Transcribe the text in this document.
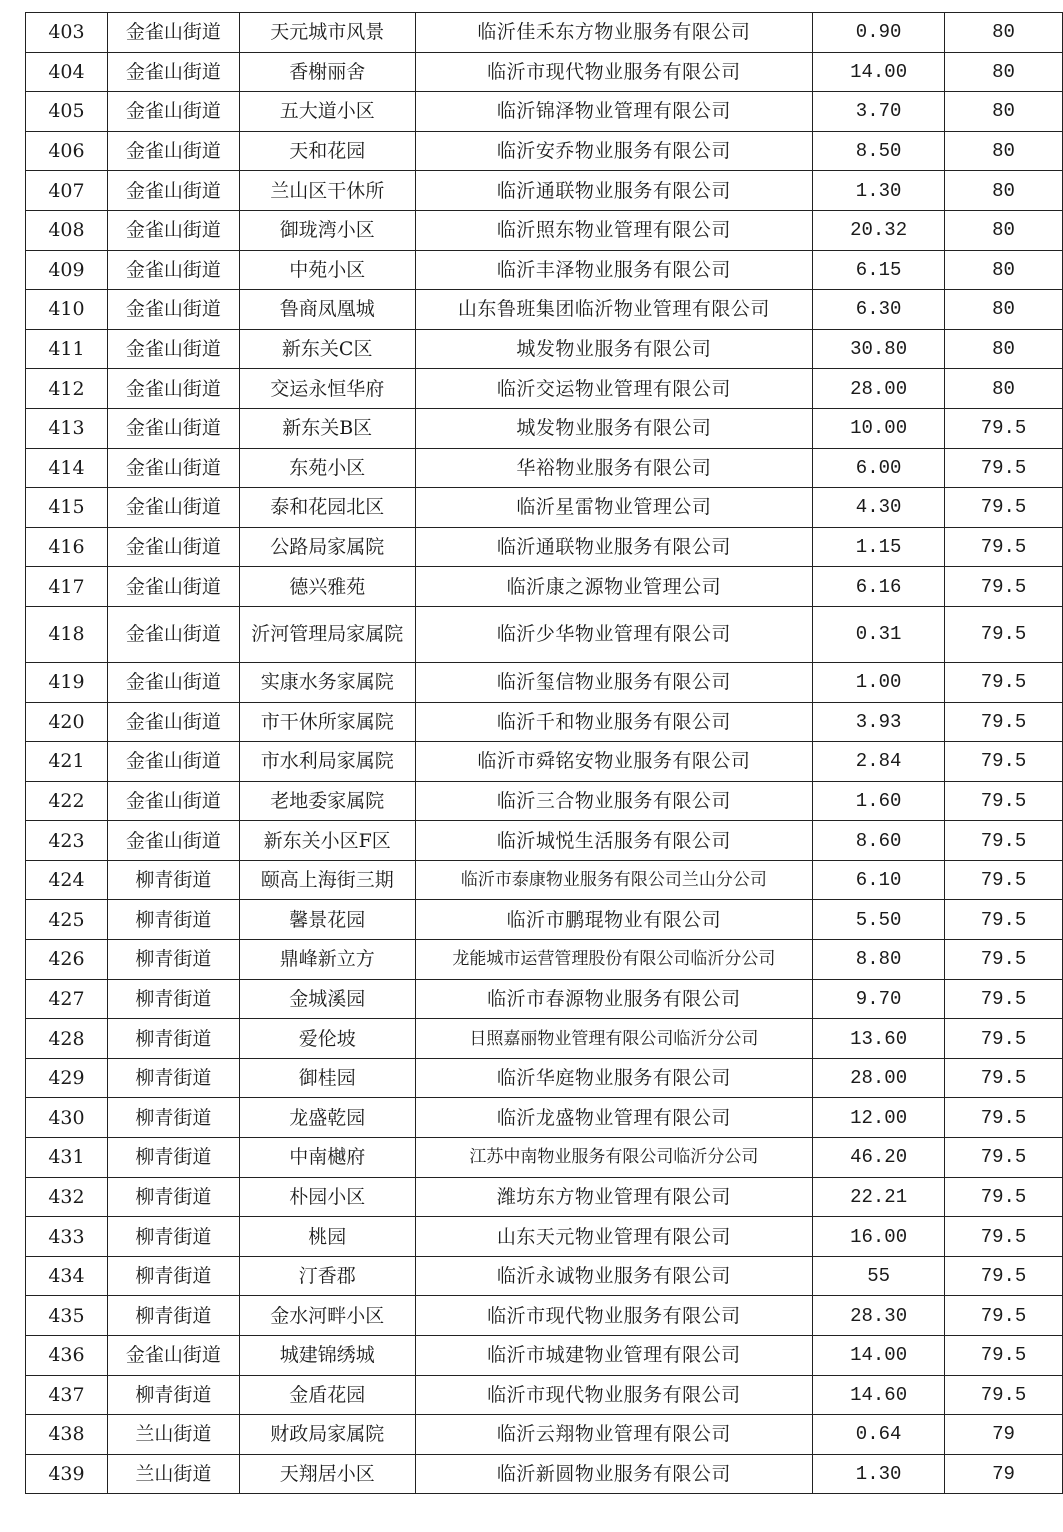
403	金雀山街道	天元城市风景	临沂佳禾东方物业服务有限公司	0.90	80
404	金雀山街道	香榭丽舍	临沂市现代物业服务有限公司	14.00	80
405	金雀山街道	五大道小区	临沂锦泽物业管理有限公司	3.70	80
406	金雀山街道	天和花园	临沂安乔物业服务有限公司	8.50	80
407	金雀山街道	兰山区干休所	临沂通联物业服务有限公司	1.30	80
408	金雀山街道	御珑湾小区	临沂照东物业管理有限公司	20.32	80
409	金雀山街道	中苑小区	临沂丰泽物业服务有限公司	6.15	80
410	金雀山街道	鲁商凤凰城	山东鲁班集团临沂物业管理有限公司	6.30	80
411	金雀山街道	新东关C区	城发物业服务有限公司	30.80	80
412	金雀山街道	交运永恒华府	临沂交运物业管理有限公司	28.00	80
413	金雀山街道	新东关B区	城发物业服务有限公司	10.00	79.5
414	金雀山街道	东苑小区	华裕物业服务有限公司	6.00	79.5
415	金雀山街道	泰和花园北区	临沂星雷物业管理公司	4.30	79.5
416	金雀山街道	公路局家属院	临沂通联物业服务有限公司	1.15	79.5
417	金雀山街道	德兴雅苑	临沂康之源物业管理公司	6.16	79.5
418	金雀山街道	沂河管理局家属院	临沂少华物业管理有限公司	0.31	79.5
419	金雀山街道	实康水务家属院	临沂玺信物业服务有限公司	1.00	79.5
420	金雀山街道	市干休所家属院	临沂千和物业服务有限公司	3.93	79.5
421	金雀山街道	市水利局家属院	临沂市舜铭安物业服务有限公司	2.84	79.5
422	金雀山街道	老地委家属院	临沂三合物业服务有限公司	1.60	79.5
423	金雀山街道	新东关小区F区	临沂城悦生活服务有限公司	8.60	79.5
424	柳青街道	颐高上海街三期	临沂市泰康物业服务有限公司兰山分公司	6.10	79.5
425	柳青街道	馨景花园	临沂市鹏琨物业有限公司	5.50	79.5
426	柳青街道	鼎峰新立方	龙能城市运营管理股份有限公司临沂分公司	8.80	79.5
427	柳青街道	金城溪园	临沂市春源物业服务有限公司	9.70	79.5
428	柳青街道	爱伦坡	日照嘉丽物业管理有限公司临沂分公司	13.60	79.5
429	柳青街道	御桂园	临沂华庭物业服务有限公司	28.00	79.5
430	柳青街道	龙盛乾园	临沂龙盛物业管理有限公司	12.00	79.5
431	柳青街道	中南樾府	江苏中南物业服务有限公司临沂分公司	46.20	79.5
432	柳青街道	朴园小区	潍坊东方物业管理有限公司	22.21	79.5
433	柳青街道	桃园	山东天元物业管理有限公司	16.00	79.5
434	柳青街道	汀香郡	临沂永诚物业服务有限公司	55	79.5
435	柳青街道	金水河畔小区	临沂市现代物业服务有限公司	28.30	79.5
436	金雀山街道	城建锦绣城	临沂市城建物业管理有限公司	14.00	79.5
437	柳青街道	金盾花园	临沂市现代物业服务有限公司	14.60	79.5
438	兰山街道	财政局家属院	临沂云翔物业管理有限公司	0.64	79
439	兰山街道	天翔居小区	临沂新圆物业服务有限公司	1.30	79
